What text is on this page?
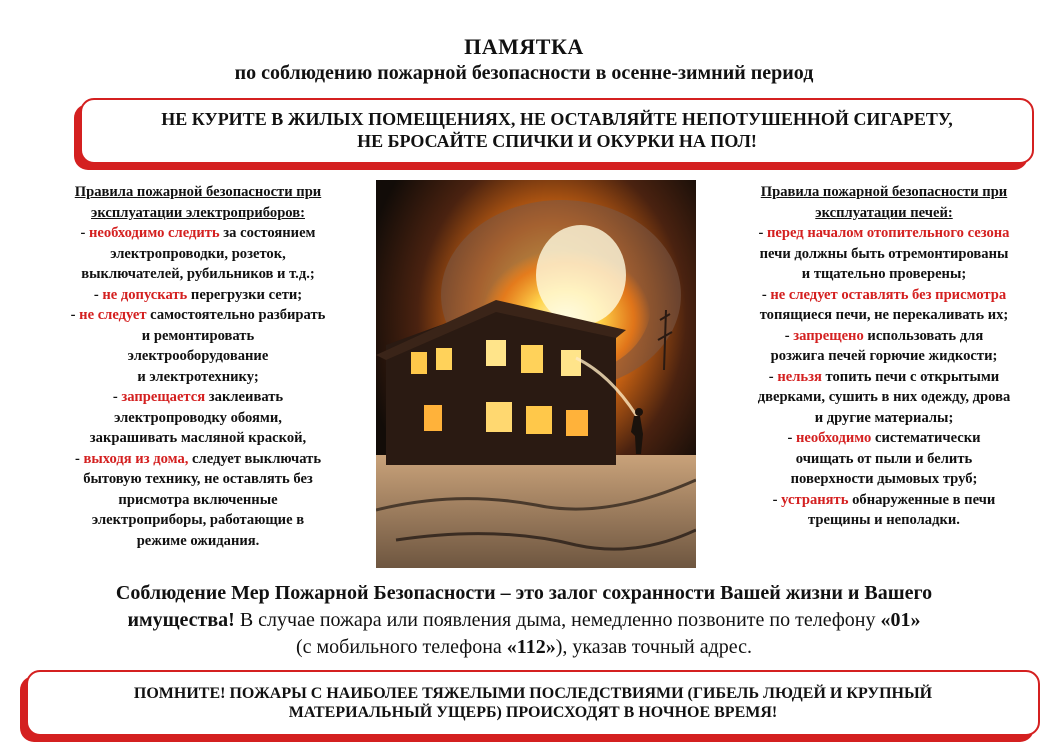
ПАМЯТКА
по соблюдению пожарной безопасности в осенне-зимний период
НЕ КУРИТЕ В ЖИЛЫХ ПОМЕЩЕНИЯХ, НЕ ОСТАВЛЯЙТЕ НЕПОТУШЕННОЙ СИГАРЕТУ,
НЕ БРОСАЙТЕ СПИЧКИ И ОКУРКИ НА ПОЛ!
Правила пожарной безопасности при
эксплуатации электроприборов:
- необходимо следить за состоянием
электропроводки, розеток,
выключателей, рубильников и т.д.;
- не допускать перегрузки сети;
- не следует самостоятельно разбирать
и ремонтировать
электрооборудование
и электротехнику;
- запрещается заклеивать
электропроводку обоями,
закрашивать масляной краской,
- выходя из дома, следует выключать
бытовую технику, не оставлять без
присмотра включенные
электроприборы, работающие в
режиме ожидания.
Правила пожарной безопасности при
эксплуатации печей:
- перед началом отопительного сезона
печи должны быть отремонтированы
и тщательно проверены;
- не следует оставлять без присмотра
топящиеся печи, не перекаливать их;
- запрещено использовать для
розжига печей горючие жидкости;
- нельзя топить печи с открытыми
дверками, сушить в них одежду, дрова
и другие материалы;
- необходимо систематически
очищать от пыли и белить
поверхности дымовых труб;
- устранять обнаруженные в печи
трещины и неполадки.
Соблюдение Мер Пожарной Безопасности – это залог сохранности Вашей жизни и Вашего
имущества! В случае пожара или появления дыма, немедленно позвоните по телефону «01»
(с мобильного телефона «112»), указав точный адрес.
ПОМНИТЕ! ПОЖАРЫ С НАИБОЛЕЕ ТЯЖЕЛЫМИ ПОСЛЕДСТВИЯМИ (ГИБЕЛЬ ЛЮДЕЙ И КРУПНЫЙ
МАТЕРИАЛЬНЫЙ УЩЕРБ) ПРОИСХОДЯТ В НОЧНОЕ ВРЕМЯ!
